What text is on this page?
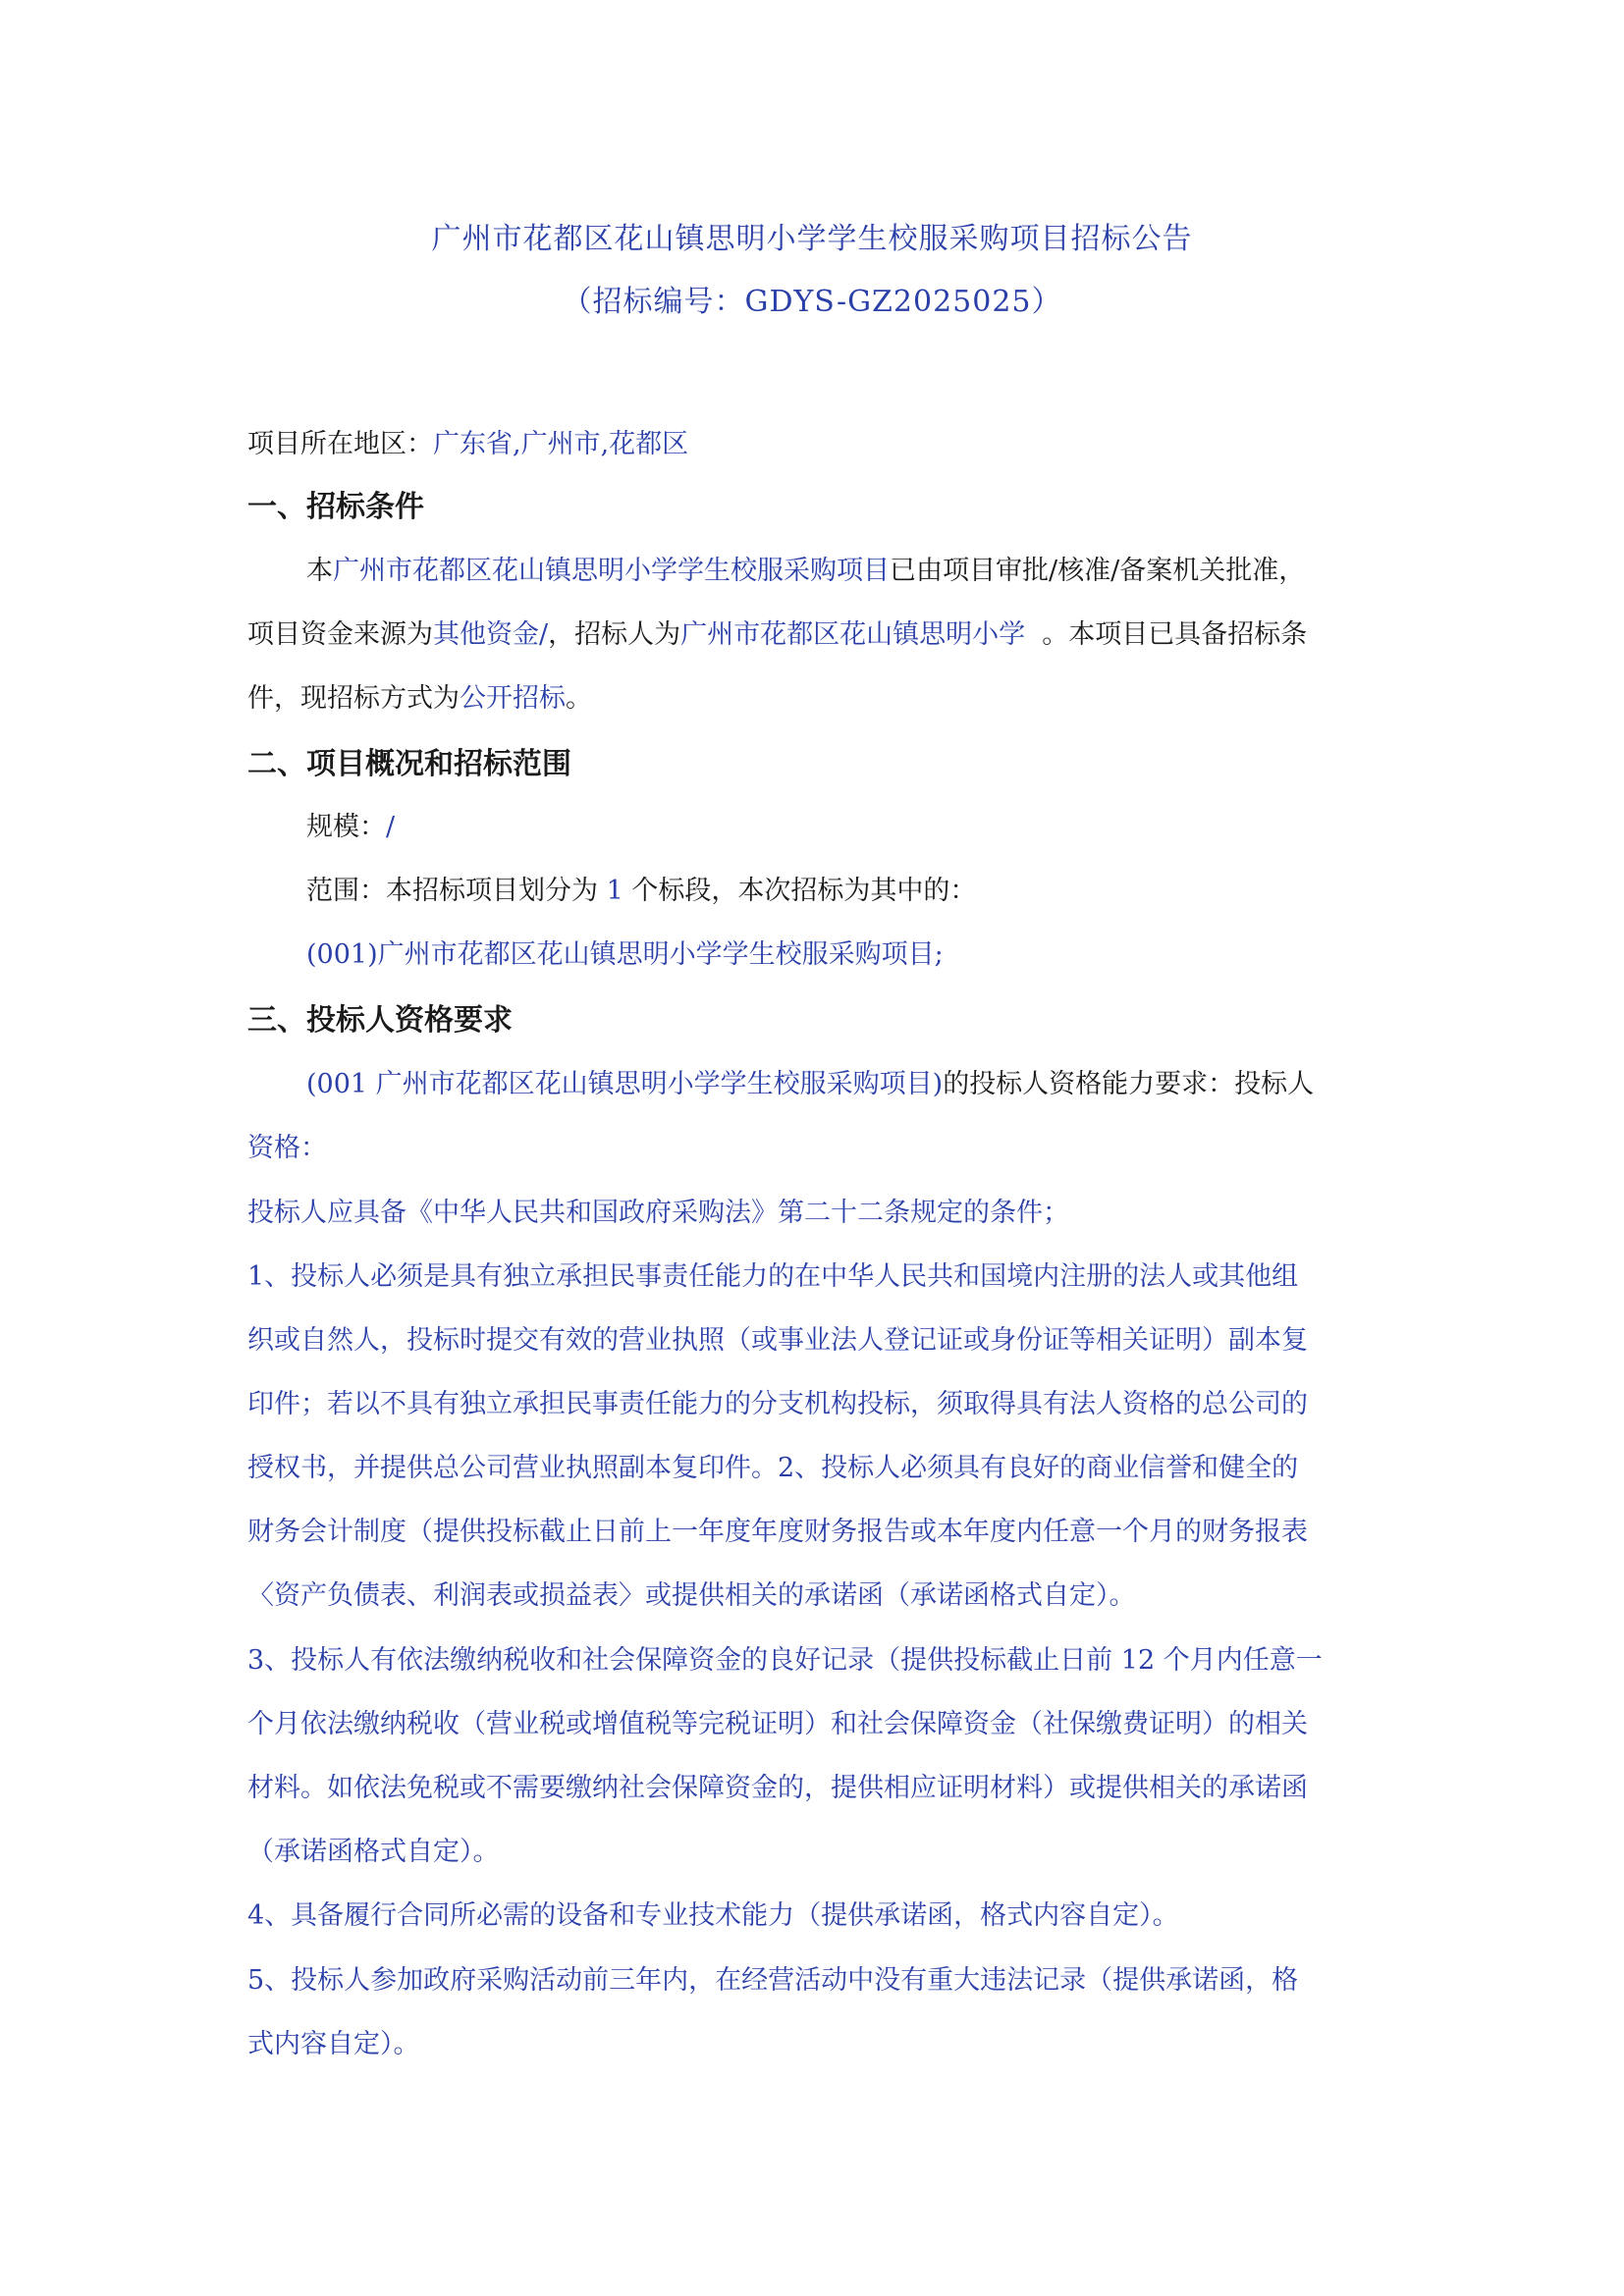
广州市花都区花山镇思明小学学生校服采购项目招标公告
（招标编号：GDYS-GZ2025025）
项目所在地区：广东省,广州市,花都区
一、招标条件
本广州市花都区花山镇思明小学学生校服采购项目已由项目审批/核准/备案机关批准，
项目资金来源为其他资金/，招标人为广州市花都区花山镇思明小学 。本项目已具备招标条
件，现招标方式为公开招标。
二、项目概况和招标范围
规模：/
范围：本招标项目划分为 1 个标段，本次招标为其中的：
(001)广州市花都区花山镇思明小学学生校服采购项目;
三、投标人资格要求
(001 广州市花都区花山镇思明小学学生校服采购项目)的投标人资格能力要求：投标人
资格：
投标人应具备《中华人民共和国政府采购法》第二十二条规定的条件；
1、投标人必须是具有独立承担民事责任能力的在中华人民共和国境内注册的法人或其他组
织或自然人，投标时提交有效的营业执照（或事业法人登记证或身份证等相关证明）副本复
印件；若以不具有独立承担民事责任能力的分支机构投标，须取得具有法人资格的总公司的
授权书，并提供总公司营业执照副本复印件。2、投标人必须具有良好的商业信誉和健全的
财务会计制度（提供投标截止日前上一年度年度财务报告或本年度内任意一个月的财务报表
〈资产负债表、利润表或损益表〉或提供相关的承诺函（承诺函格式自定）。
3、投标人有依法缴纳税收和社会保障资金的良好记录（提供投标截止日前 12 个月内任意一
个月依法缴纳税收（营业税或增值税等完税证明）和社会保障资金（社保缴费证明）的相关
材料。如依法免税或不需要缴纳社会保障资金的，提供相应证明材料）或提供相关的承诺函
（承诺函格式自定）。
4、具备履行合同所必需的设备和专业技术能力（提供承诺函，格式内容自定）。
5、投标人参加政府采购活动前三年内，在经营活动中没有重大违法记录（提供承诺函，格
式内容自定）。
